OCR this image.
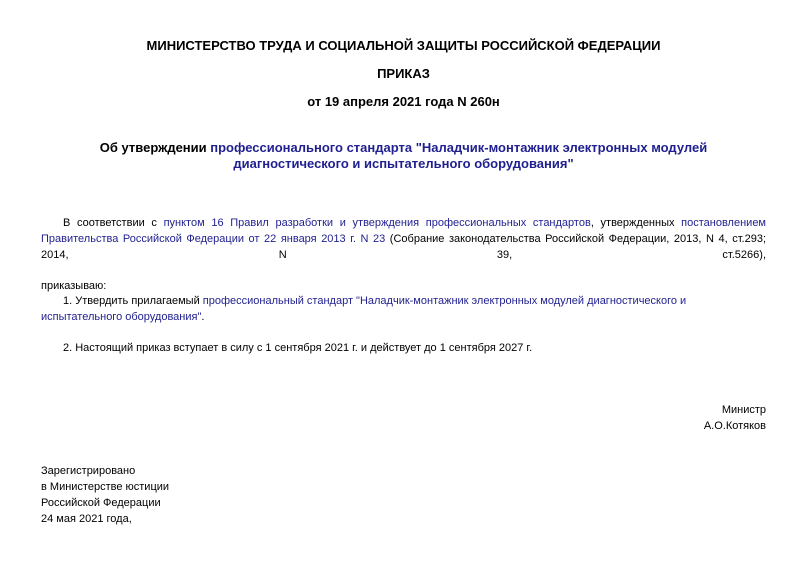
МИНИСТЕРСТВО ТРУДА И СОЦИАЛЬНОЙ ЗАЩИТЫ РОССИЙСКОЙ ФЕДЕРАЦИИ
ПРИКАЗ
от 19 апреля 2021 года N 260н
Об утверждении профессионального стандарта "Наладчик-монтажник электронных модулей
диагностического и испытательного оборудования"
В соответствии с пунктом 16 Правил разработки и утверждения профессиональных стандартов, утвержденных постановлением Правительства Российской Федерации от 22 января 2013 г. N 23 (Собрание законодательства Российской Федерации, 2013, N 4, ст.293; 2014, N 39, ст.5266),
приказываю:
1. Утвердить прилагаемый профессиональный стандарт "Наладчик-монтажник электронных модулей диагностического и испытательного оборудования".
2. Настоящий приказ вступает в силу с 1 сентября 2021 г. и действует до 1 сентября 2027 г.
Министр
А.О.Котяков
Зарегистрировано
в Министерстве юстиции
Российской Федерации
24 мая 2021 года,
